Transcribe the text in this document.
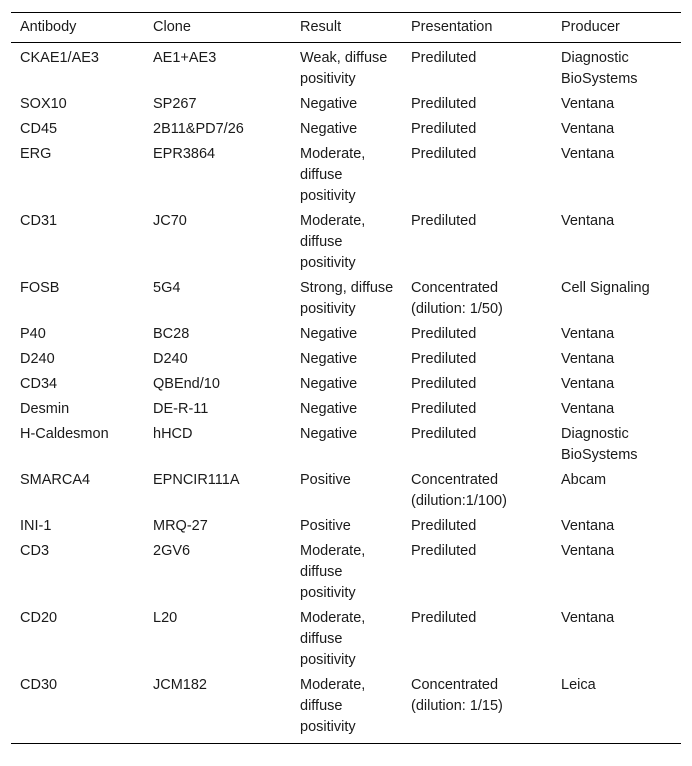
Antibody	Clone	Result	Presentation	Producer
CKAE1/AE3	AE1+AE3	Weak, diffuse positivity	Prediluted	Diagnostic BioSystems
SOX10	SP267	Negative	Prediluted	Ventana
CD45	2B11&PD7/26	Negative	Prediluted	Ventana
ERG	EPR3864	Moderate, diffuse positivity	Prediluted	Ventana
CD31	JC70	Moderate, diffuse positivity	Prediluted	Ventana
FOSB	5G4	Strong, diffuse positivity	Concentrated (dilution: 1/50)	Cell Signaling
P40	BC28	Negative	Prediluted	Ventana
D240	D240	Negative	Prediluted	Ventana
CD34	QBEnd/10	Negative	Prediluted	Ventana
Desmin	DE-R-11	Negative	Prediluted	Ventana
H-Caldesmon	hHCD	Negative	Prediluted	Diagnostic BioSystems
SMARCA4	EPNCIR111A	Positive	Concentrated (dilution:1/100)	Abcam
INI-1	MRQ-27	Positive	Prediluted	Ventana
CD3	2GV6	Moderate, diffuse positivity	Prediluted	Ventana
CD20	L20	Moderate, diffuse positivity	Prediluted	Ventana
CD30	JCM182	Moderate, diffuse positivity	Concentrated (dilution: 1/15)	Leica
